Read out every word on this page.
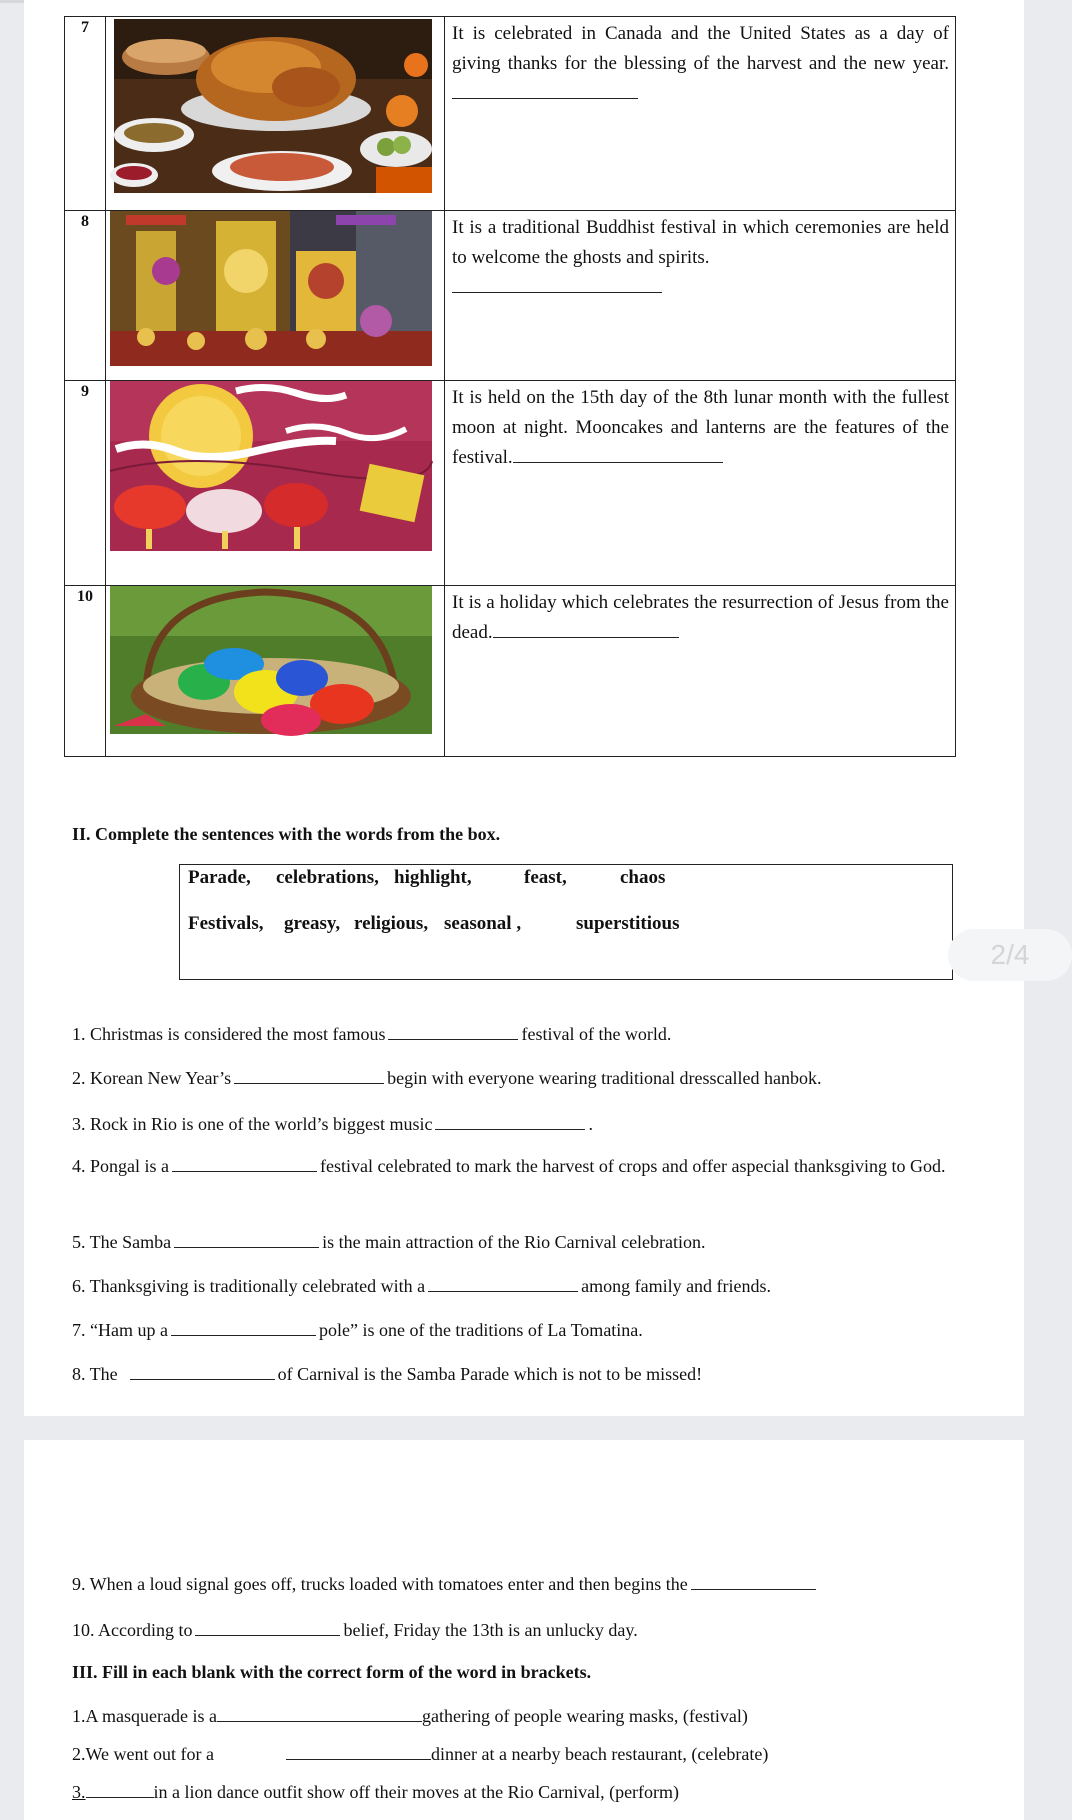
7		It is celebrated in Canada and the United States as a day of giving thanks for the blessing of the harvest and the new year.
8		It is a traditional Buddhist festival in which ceremonies are held to welcome the ghosts and spirits.

9		It is held on the 15th day of the 8th lunar month with the fullest moon at night. Mooncakes and lanterns are the features of the festival.
10		It is a holiday which celebrates the resurrection of Jesus from the dead.
II. Complete the sentences with the words from the box.
Parade, celebrations, highlight,	feast,	chaos
Festivals, greasy, religious, seasonal ,	superstitious
2/4
1. Christmas is considered the most famous	festival of the world.
2. Korean New Year’s	begin with everyone wearing traditional dresscalled hanbok.
3. Rock in Rio is one of the world’s biggest music	.
4. Pongal is a	festival celebrated to mark the harvest of crops and offer aspecial thanksgiving to God.
5. The Samba	is the main attraction of the Rio Carnival celebration.
6. Thanksgiving is traditionally celebrated with a	among family and friends.
7. “Ham up a	pole” is one of the traditions of La Tomatina.
8. The	of Carnival is the Samba Parade which is not to be missed!
9. When a loud signal goes off, trucks loaded with tomatoes enter and then begins the
10. According to	belief, Friday the 13th is an unlucky day.
III. Fill in each blank with the correct form of the word in brackets.
1.A masquerade is a	gathering of people wearing masks, (festival)
2.We went out for a	dinner at a nearby beach restaurant, (celebrate)
3.	in a lion dance outfit show off their moves at the Rio Carnival, (perform)
